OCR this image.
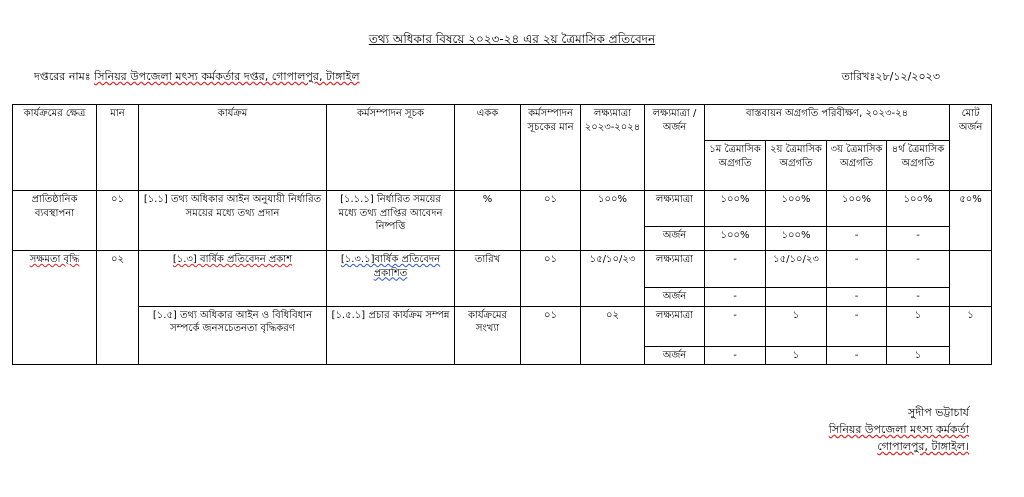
তথ্য অধিকার বিষয়ে ২০২৩-২৪ এর ২য় ত্রৈমাসিক প্রতিবেদন
দপ্তরের নামঃ সিনিয়র উপজেলা মৎস্য কর্মকর্তার দপ্তর, গোপালপুর, টাঙ্গাইল	তারিখঃ২৮/১২/২০২৩
কার্যক্রমের ক্ষেত্র	মান	কার্যক্রম	কর্মসম্পাদন সূচক	একক	কর্মসম্পাদন সূচকের মান	লক্ষ্যমাত্রা ২০২৩-২০২৪	লক্ষ্যমাত্রা /অর্জন	বাস্তবায়ন অগ্রগতি পরিবীক্ষণ, ২০২৩-২৪				মোট অর্জন
								১ম ত্রৈমাসিক অগ্রগতি	২য় ত্রৈমাসিক অগ্রগতি	৩য় ত্রৈমাসিক অগ্রগতি	৪র্থ ত্রৈমাসিক অগ্রগতি	
প্রাতিষ্ঠানিক ব্যবস্থাপনা	০১	[১.১] তথ্য অধিকার আইন অনুযায়ী নির্ধারিত সময়ের মধ্যে তথ্য প্রদান	[১.১.১] নির্ধারিত সময়ের মধ্যে তথ্য প্রাপ্তির আবেদন নিষ্পত্তি	%	০১	১০০%	লক্ষ্যমাত্রা	১০০%	১০০%	১০০%	১০০%	৫০%
							অর্জন	১০০%	১০০%	-	-	
সক্ষমতা বৃদ্ধি	০২	[১.৩] বার্ষিক প্রতিবেদন প্রকাশ	[১.৩.১]বার্ষিক প্রতিবেদন প্রকাশিত	তারিখ	০১	১৫/১০/২৩	লক্ষ্যমাত্রা	-	১৫/১০/২৩	-	-	
							অর্জন	-		-	-	
		[১.৫] তথ্য অধিকার আইন ও বিধিবিধান সম্পর্কে জনসচেতনতা বৃদ্ধিকরণ	[১.৫.১] প্রচার কার্যক্রম সম্পন্ন	কার্যক্রমের সংখ্যা	০১	০২	লক্ষ্যমাত্রা	-	১	-	১	১
							অর্জন	-	১	-	১	
সুদীপ ভট্টাচার্য
সিনিয়র উপজেলা মৎস্য কর্মকর্তা
গোপালপুর, টাঙ্গাইল।
